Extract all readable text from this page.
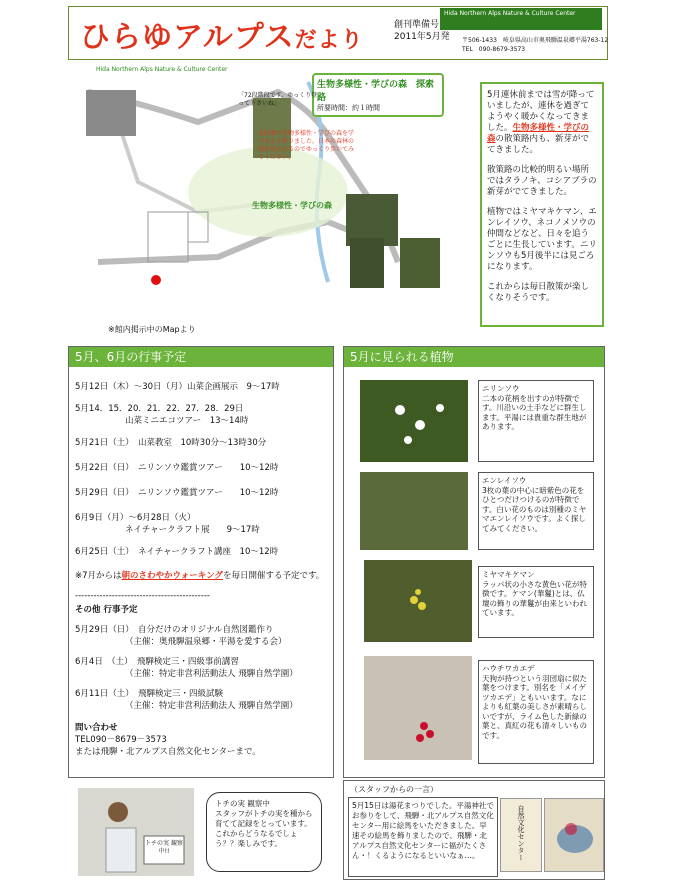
ひらゆアルプスだより
創刊準備号
2011年5月発
Hida Northern Alps Nature & Culture Center
〒506-1433　岐阜県高山市奥飛騨温泉郷平湯763-12
TEL　090-8679-3573
Hida Northern Alps Nature & Culture Center
生物多様性・学びの森　探索路
所要時間：約１時間
生物多様性・学びの森
「72段階段です。ゆっくり登って下さいね」
北斜面で生物多様性・学びの森を学べるよう作りました。日本の森林の姿が見られるのでゆっくり歩いてみてください。
※館内掲示中のMapより

5月連休前までは雪が降っていましたが、連休を過ぎてようやく暖かくなってきました。生物多様性・学びの森の散策路内も、新芽がでてきました。

散策路の比較的明るい場所ではタラノキ、コシアブラの新芽がでてきました。

植物ではミヤマキケマン、エンレイソウ、ネコノメソウの仲間などなど、日々を追うごとに生長しています。ニリンソウも5月後半には見ごろになります。

これからは毎日散策が楽しくなりそうです。

5月、6月の行事予定
5月12日（木）～30日（月）山菜企画展示　9～17時
5月14．15．20．21．22．27．28．29日
山菜ミニエコツアー　13～14時
5月21日（土）　山菜教室　10時30分～13時30分
5月22日（日）　ニリンソウ鑑賞ツアー　　10～12時
5月29日（日）　ニリンソウ鑑賞ツアー　　10～12時
6月9日（月）～6月28日（火）
ネイチャークラフト展　　9～17時
6月25日（土）　ネイチャークラフト講座　10～12時
※7月からは朝のさわやかウォーキングを毎日開催する予定です。
--------------------------------------------
その他 行事予定
5月29日（日）　自分だけのオリジナル自然図鑑作り
（主催：奥飛騨温泉郷・平湯を愛する会）
6月4日　（土）　飛騨検定三・四級事前講習
（主催：特定非営利活動法人 飛騨自然学園）
6月11日（土）　飛騨検定三・四級試験
（主催：特定非営利活動法人 飛騨自然学園）
問い合わせ
TEL090－8679－3573
または飛騨・北アルプス自然文化センターまで。
5月に見られる植物
ニリンソウ
二本の花柄を出すのが特徴です。川沿いの土手などに群生します。平湯には貴重な群生地があります。
エンレイソウ
3枚の葉の中心に暗紫色の花をひとつだけつけるのが特徴です。白い花のものは別種のミヤマエンレイソウです。よく探してみてください。
ミヤマキケマン
ラッパ状の小さな黄色い花が特徴です。ケマン(華鬘)とは、仏壇の飾りの華鬘が由来といわれています。
ハウチワカエデ
天狗が持つという羽団扇に似た葉をつけます。別名を「メイゲツカエデ」ともいいます。なによりも紅葉の美しさが素晴らしいですが、ライム色した新緑の葉と、真紅の花も清々しいものです。
トチの実 観察中!!
トチの実 観察中
スタッフがトチの実を種から育てて記録をとっています。これからどうなるでしょう？？楽しみです。
（スタッフからの一言）
5月15日は湯花まつりでした。平湯神社でお参りをして、飛騨・北アルプス自然文化センター用に絵馬をいただきました。早速その絵馬を飾りましたので、飛騨・北アルプス自然文化センターに福がたくさん・！くるようになるといいなぁ…。	自然文化センター
